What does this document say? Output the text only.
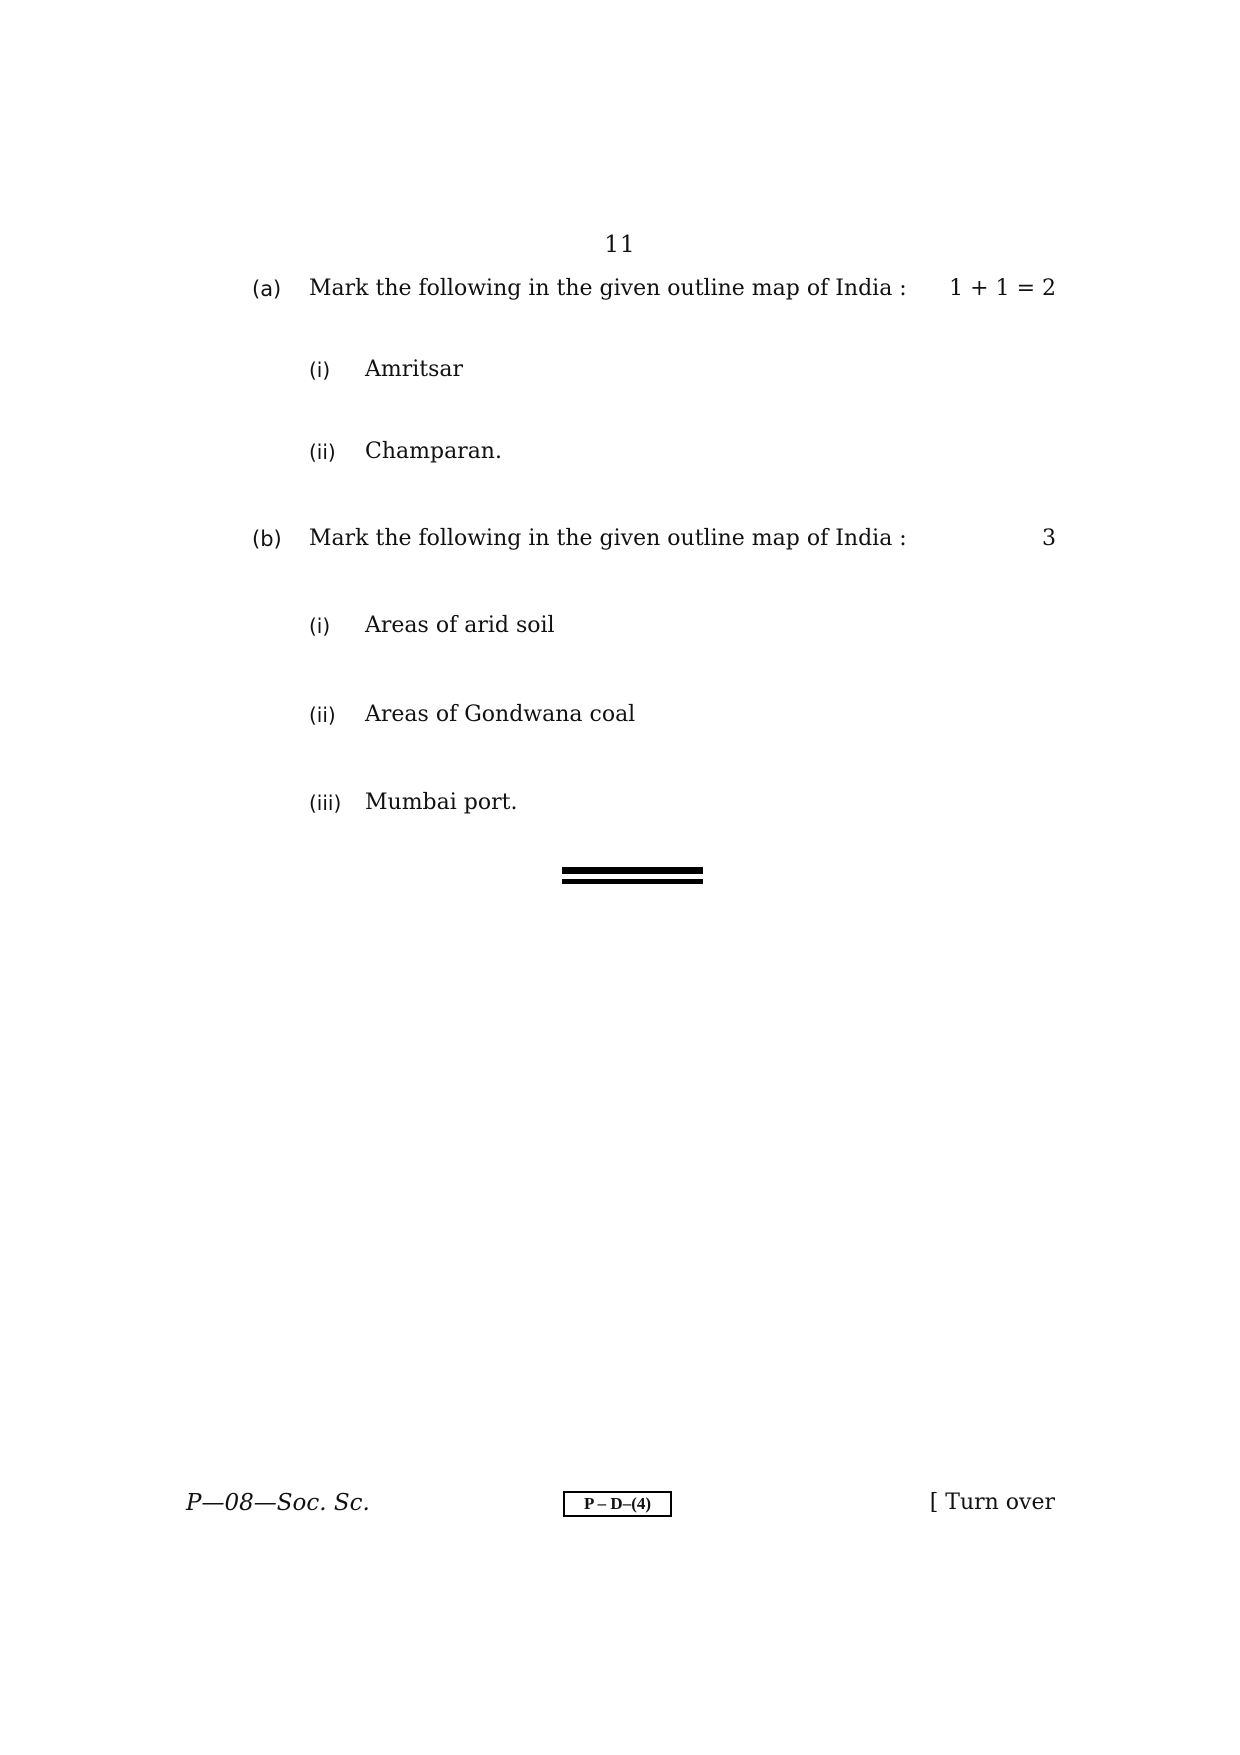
11
(a) Mark the following in the given outline map of India : 1 + 1 = 2
(i) Amritsar
(ii) Champaran.
(b) Mark the following in the given outline map of India :	3
(i) Areas of arid soil
(ii) Areas of Gondwana coal
(iii) Mumbai port.
P—08—Soc. Sc.	P – D–(4)	[ Turn over
